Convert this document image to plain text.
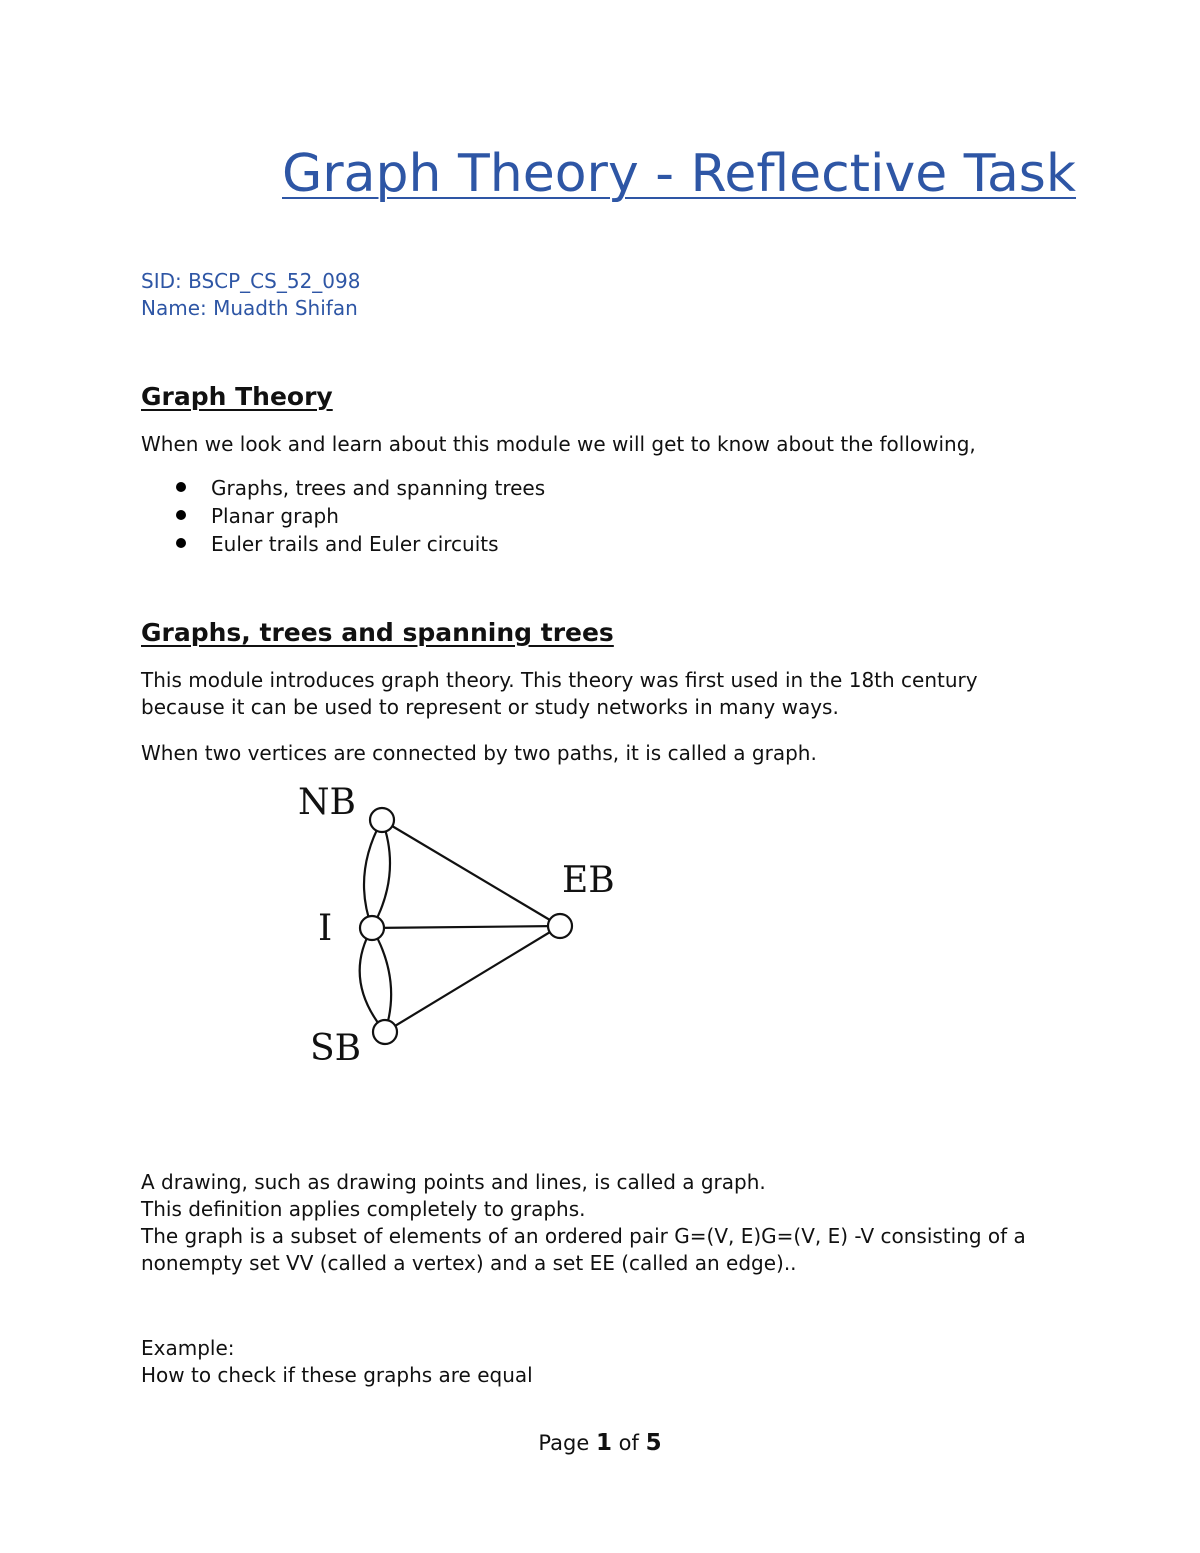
Graph Theory - Reflective Task

SID: BSCP_CS_52_098

Name: Muadth Shifan

Graph Theory

When we look and learn about this module we will get to know about the following,

Graphs, trees and spanning trees
Planar graph
Euler trails and Euler circuits
Graphs, trees and spanning trees

This module introduces graph theory. This theory was first used in the 18th century because it can be used to represent or study networks in many ways.

When two vertices are connected by two paths, it is called a graph.

NB
EB
I
SB

A drawing, such as drawing points and lines, is called a graph.

This definition applies completely to graphs.

The graph is a subset of elements of an ordered pair G=(V, E)G=(V, E) -V consisting of a nonempty set VV (called a vertex) and a set EE (called an edge)..

Example:

How to check if these graphs are equal

Page 1 of 5
